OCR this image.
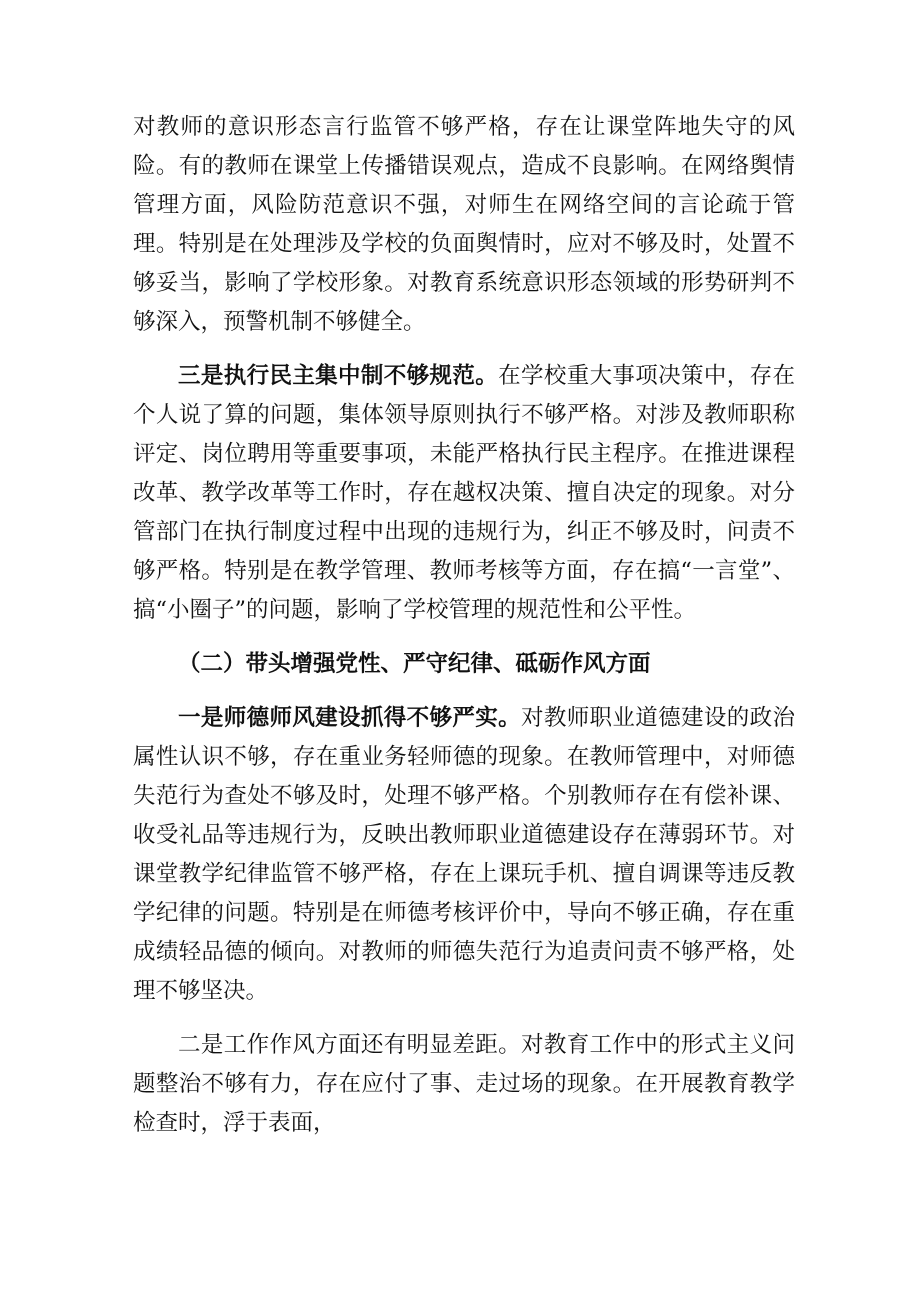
对教师的意识形态言行监管不够严格，存在让课堂阵地失守的风险。有的教师在课堂上传播错误观点，造成不良影响。在网络舆情管理方面，风险防范意识不强，对师生在网络空间的言论疏于管理。特别是在处理涉及学校的负面舆情时，应对不够及时，处置不够妥当，影响了学校形象。对教育系统意识形态领域的形势研判不够深入，预警机制不够健全。

三是执行民主集中制不够规范。在学校重大事项决策中，存在个人说了算的问题，集体领导原则执行不够严格。对涉及教师职称评定、岗位聘用等重要事项，未能严格执行民主程序。在推进课程改革、教学改革等工作时，存在越权决策、擅自决定的现象。对分管部门在执行制度过程中出现的违规行为，纠正不够及时，问责不够严格。特别是在教学管理、教师考核等方面，存在搞“一言堂”、搞“小圈子”的问题，影响了学校管理的规范性和公平性。

（二）带头增强党性、严守纪律、砥砺作风方面

一是师德师风建设抓得不够严实。对教师职业道德建设的政治属性认识不够，存在重业务轻师德的现象。在教师管理中，对师德失范行为查处不够及时，处理不够严格。个别教师存在有偿补课、收受礼品等违规行为，反映出教师职业道德建设存在薄弱环节。对课堂教学纪律监管不够严格，存在上课玩手机、擅自调课等违反教学纪律的问题。特别是在师德考核评价中，导向不够正确，存在重成绩轻品德的倾向。对教师的师德失范行为追责问责不够严格，处理不够坚决。

二是工作作风方面还有明显差距。对教育工作中的形式主义问题整治不够有力，存在应付了事、走过场的现象。在开展教育教学检查时，浮于表面，
